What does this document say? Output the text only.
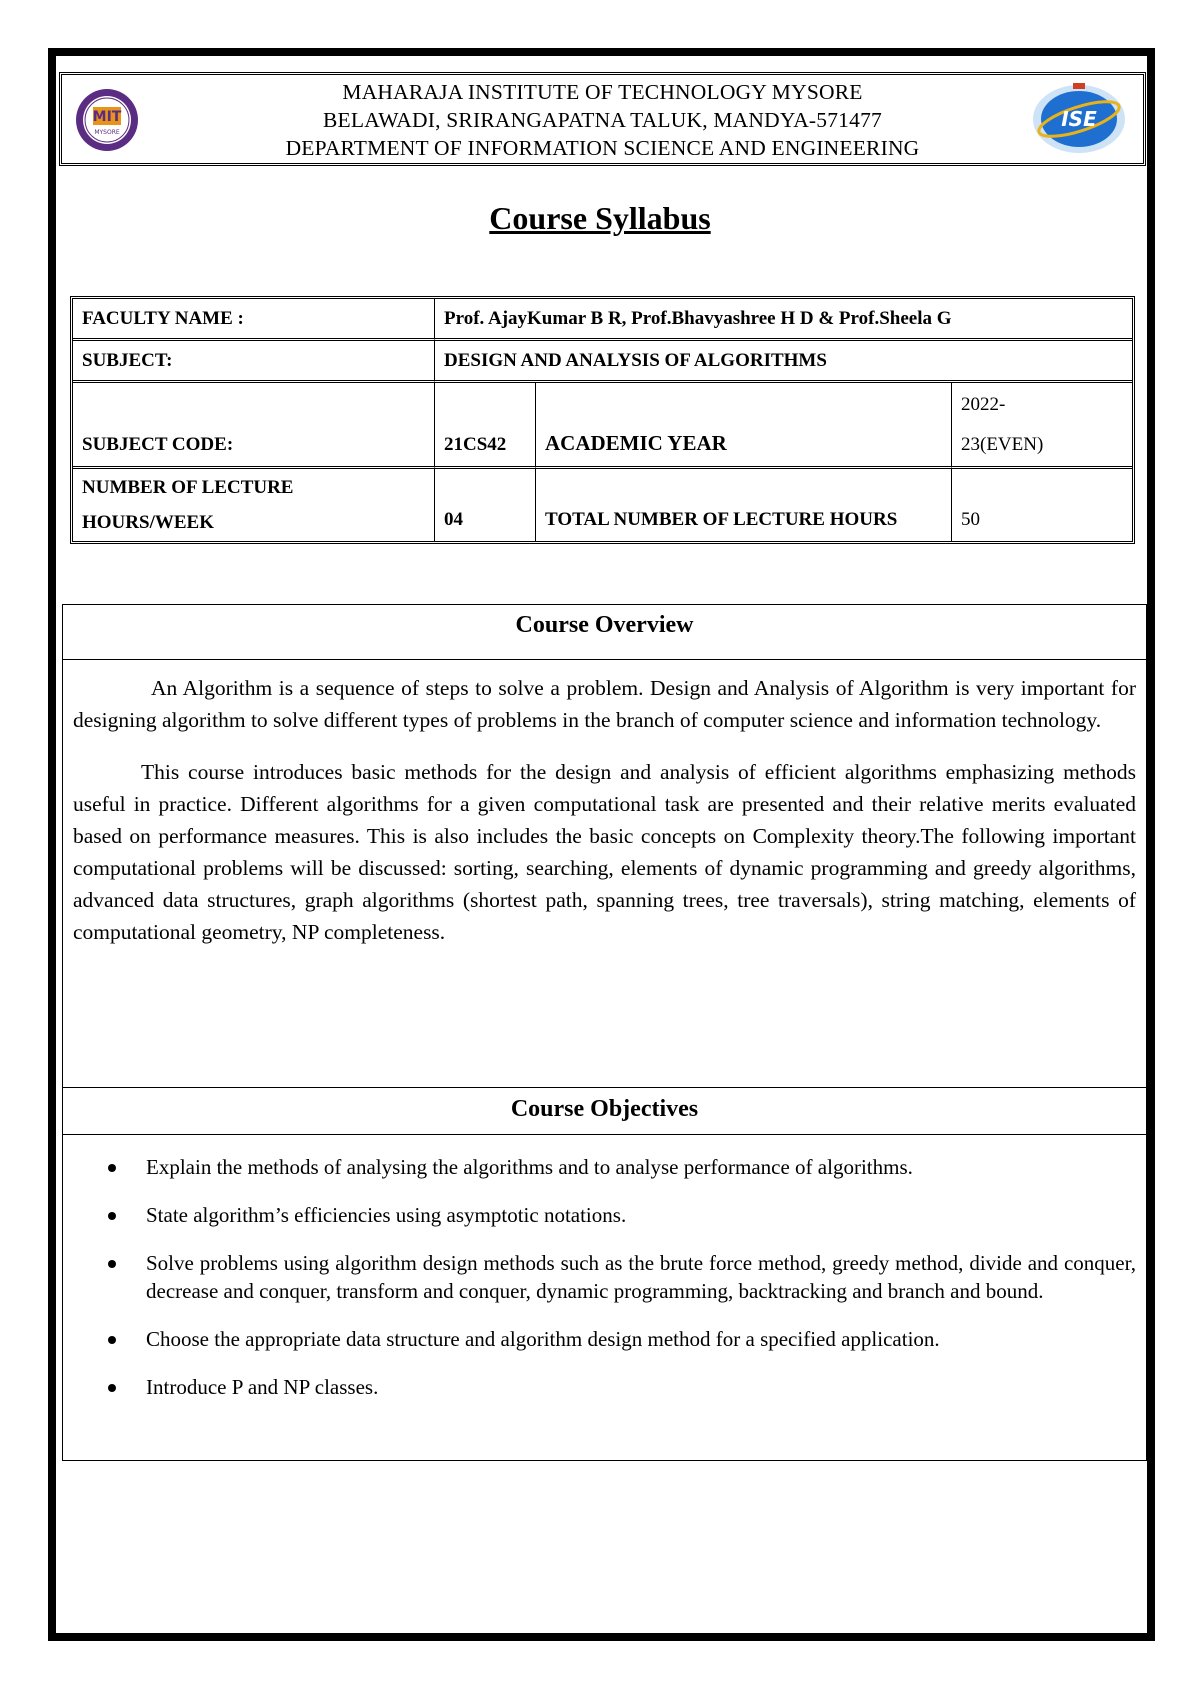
MIT
MYSORE
MAHARAJA INSTITUTE OF TECHNOLOGY MYSORE
BELAWADI, SRIRANGAPATNA TALUK, MANDYA-571477
DEPARTMENT OF INFORMATION SCIENCE AND ENGINEERING
ISE
Course Syllabus
FACULTY NAME :	Prof. AjayKumar B R, Prof.Bhavyashree H D & Prof.Sheela G		
SUBJECT:	DESIGN AND ANALYSIS OF ALGORITHMS		
SUBJECT CODE:	21CS42	ACADEMIC YEAR	2022-
23(EVEN)

NUMBER OF LECTURE
HOURS/WEEK	04	TOTAL NUMBER OF LECTURE HOURS	50
Course Overview

An Algorithm is a sequence of steps to solve a problem. Design and Analysis of Algorithm is very important for designing algorithm to solve different types of problems in the branch of computer science and information technology.

This course introduces basic methods for the design and analysis of efficient algorithms emphasizing methods useful in practice. Different algorithms for a given computational task are presented and their relative merits evaluated based on performance measures. This is also includes the basic concepts on Complexity theory.The following important computational problems will be discussed: sorting, searching, elements of dynamic programming and greedy algorithms, advanced data structures, graph algorithms (shortest path, spanning trees, tree traversals), string matching, elements of computational geometry, NP completeness.

Course Objectives
Explain the methods of analysing the algorithms and to analyse performance of algorithms.
State algorithm’s efficiencies using asymptotic notations.
Solve problems using algorithm design methods such as the brute force method, greedy method, divide and conquer, decrease and conquer, transform and conquer, dynamic programming, backtracking and branch and bound.
Choose the appropriate data structure and algorithm design method for a specified application.
Introduce P and NP classes.
